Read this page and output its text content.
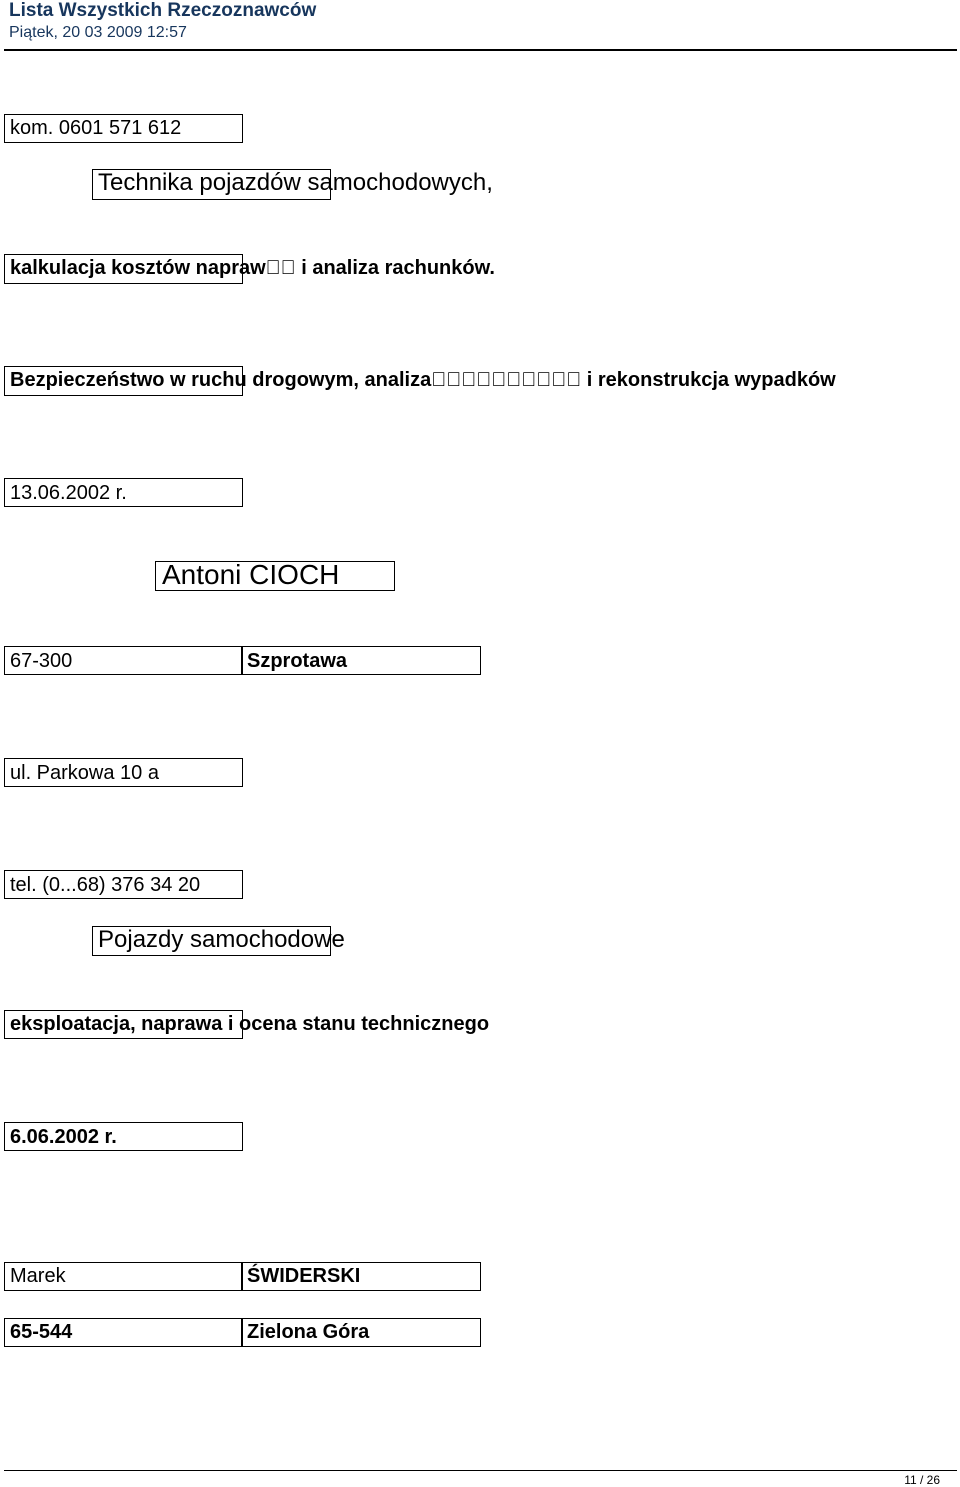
Lista Wszystkich Rzeczoznawców
Piątek, 20 03 2009 12:57
kom. 0601 571 612
Technika pojazdów samochodowych,
kalkulacja kosztów napraw   i analiza rachunków.
Bezpieczeństwo w ruchu drogowym, analiza           i rekonstrukcja wypadków
13.06.2002 r.
Antoni CIOCH
67-300	Szprotawa
ul. Parkowa 10 a
tel. (0...68) 376 34 20
Pojazdy samochodowe
eksploatacja, naprawa i ocena stanu technicznego
6.06.2002 r.
Marek	ŚWIDERSKI
65-544	Zielona Góra
11 / 26
